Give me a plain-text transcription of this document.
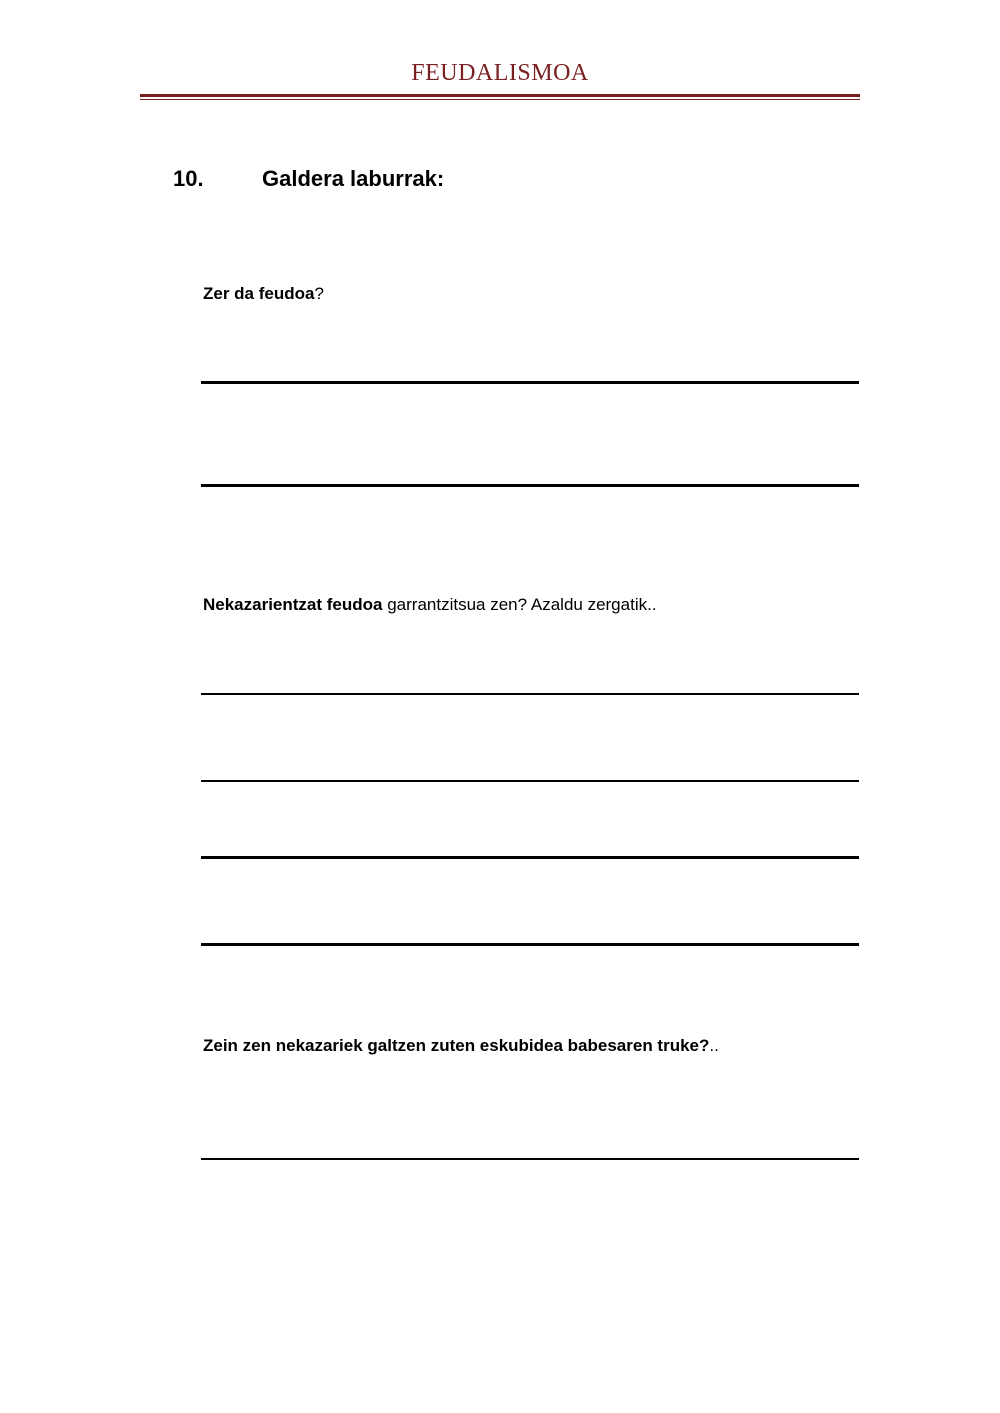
FEUDALISMOA
10.	Galdera laburrak:
Zer da feudoa?
Nekazarientzat feudoa garrantzitsua zen? Azaldu zergatik..
Zein zen nekazariek galtzen zuten eskubidea babesaren truke?..
